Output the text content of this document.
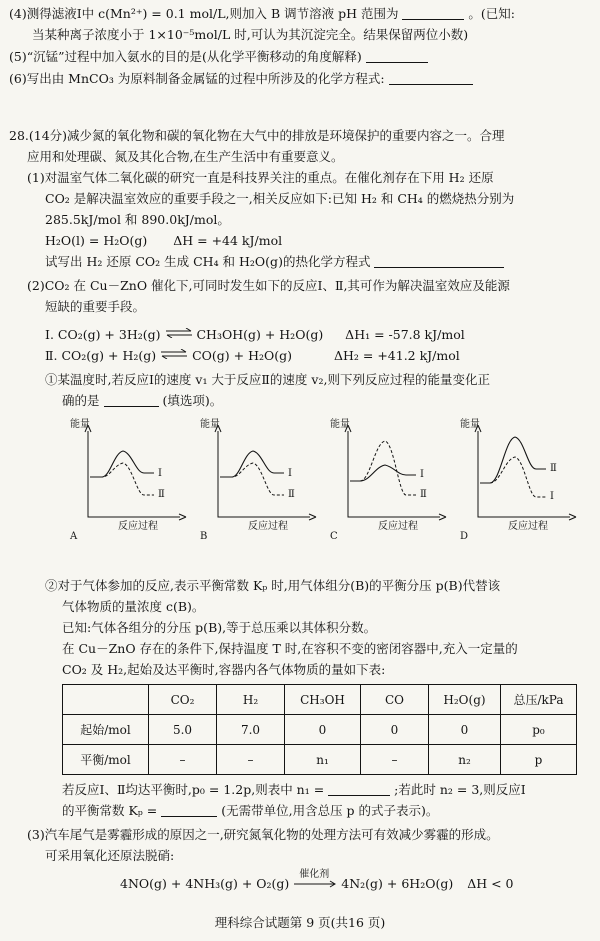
(4)测得滤液Ⅰ中 c(Mn²⁺) = 0.1 mol/L,则加入 B 调节溶液 pH 范围为	。(已知:
当某种离子浓度小于 1×10⁻⁵mol/L 时,可认为其沉淀完全。结果保留两位小数)
(5)“沉锰”过程中加入氨水的目的是(从化学平衡移动的角度解释)
(6)写出由 MnCO₃ 为原料制备金属锰的过程中所涉及的化学方程式:
28.(14分)减少氮的氧化物和碳的氧化物在大气中的排放是环境保护的重要内容之一。合理
应用和处理碳、氮及其化合物,在生产生活中有重要意义。
(1)对温室气体二氧化碳的研究一直是科技界关注的重点。在催化剂存在下用 H₂ 还原
CO₂ 是解决温室效应的重要手段之一,相关反应如下:已知 H₂ 和 CH₄ 的燃烧热分别为
285.5kJ/mol 和 890.0kJ/mol。
H₂O(l) = H₂O(g) ΔH = +44 kJ/mol
试写出 H₂ 还原 CO₂ 生成 CH₄ 和 H₂O(g)的热化学方程式
(2)CO₂ 在 Cu－ZnO 催化下,可同时发生如下的反应Ⅰ、Ⅱ,其可作为解决温室效应及能源
短缺的重要手段。
Ⅰ. CO₂(g) + 3H₂(g) ⇌ CH₃OH(g) + H₂O(g) ΔH₁ = -57.8 kJ/mol
Ⅱ. CO₂(g) + H₂(g) ⇌ CO(g) + H₂O(g)	ΔH₂ = +41.2 kJ/mol
①某温度时,若反应Ⅰ的速度 v₁ 大于反应Ⅱ的速度 v₂,则下列反应过程的能量变化正
确的是	(填选项)。
能量
Ⅰ
Ⅱ
反应过程
A
能量
Ⅰ
Ⅱ
反应过程
B
能量
Ⅰ
Ⅱ
反应过程
C
能量
Ⅱ
Ⅰ
反应过程
D
②对于气体参加的反应,表示平衡常数 Kₚ 时,用气体组分(B)的平衡分压 p(B)代替该
气体物质的量浓度 c(B)。
已知:气体各组分的分压 p(B),等于总压乘以其体积分数。
在 Cu－ZnO 存在的条件下,保持温度 T 时,在容积不变的密闭容器中,充入一定量的
CO₂ 及 H₂,起始及达平衡时,容器内各气体物质的量如下表:
	CO₂	H₂	CH₃OH	CO	H₂O(g)	总压/kPa
起始/mol	5.0	7.0	0	0	0	p₀
平衡/mol	–	–	n₁	–	n₂	p
若反应Ⅰ、Ⅱ均达平衡时,p₀ = 1.2p,则表中 n₁ =	;若此时 n₂ = 3,则反应Ⅰ
的平衡常数 Kₚ =	(无需带单位,用含总压 p 的式子表示)。
(3)汽车尾气是雾霾形成的原因之一,研究氮氧化物的处理方法可有效减少雾霾的形成。
可采用氧化还原法脱硝:
4NO(g) + 4NH₃(g) + O₂(g)
催化剂
4N₂(g) + 6H₂O(g) ΔH < 0
理科综合试题第 9 页(共16 页)
